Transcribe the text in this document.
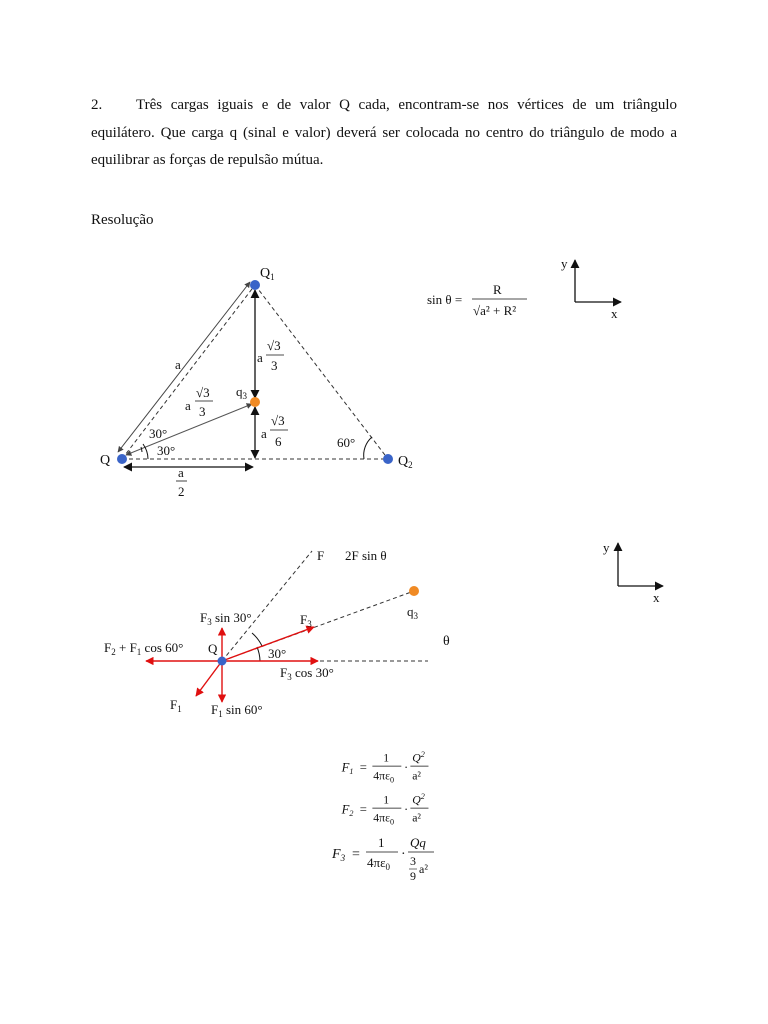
2. Três cargas iguais e de valor Q cada, encontram-se nos vértices de um triângulo equilátero. Que carga q (sinal e valor) deverá ser colocada no centro do triângulo de modo a equilibrar as forças de repulsão mútua.

Resolução
$Q_1$
Q	$Q_2$
$q_3$
a
a
√3
3
a
√3
3
a
√3
6
a
2
30°
30°
60°
sin θ =
R
√a² + R²
y
x
y
x
F 2F sin θ
$q_3$
θ
$F_3$ sin 30°	$F_3$
$F_2 + F_1$ cos 60° Q	30°
$F_3$ cos 30°
$F_1$ $F_1$ sin 60°
$F_1$ =
1
$4\pi\varepsilon_0$
·
$Q^2$
a²
$F_2$ =
1
$4\pi\varepsilon_0$
·
$Q^2$
a²
$F_3$ =
1
$4\pi\varepsilon_0$
·
Qq
3
9 a²
